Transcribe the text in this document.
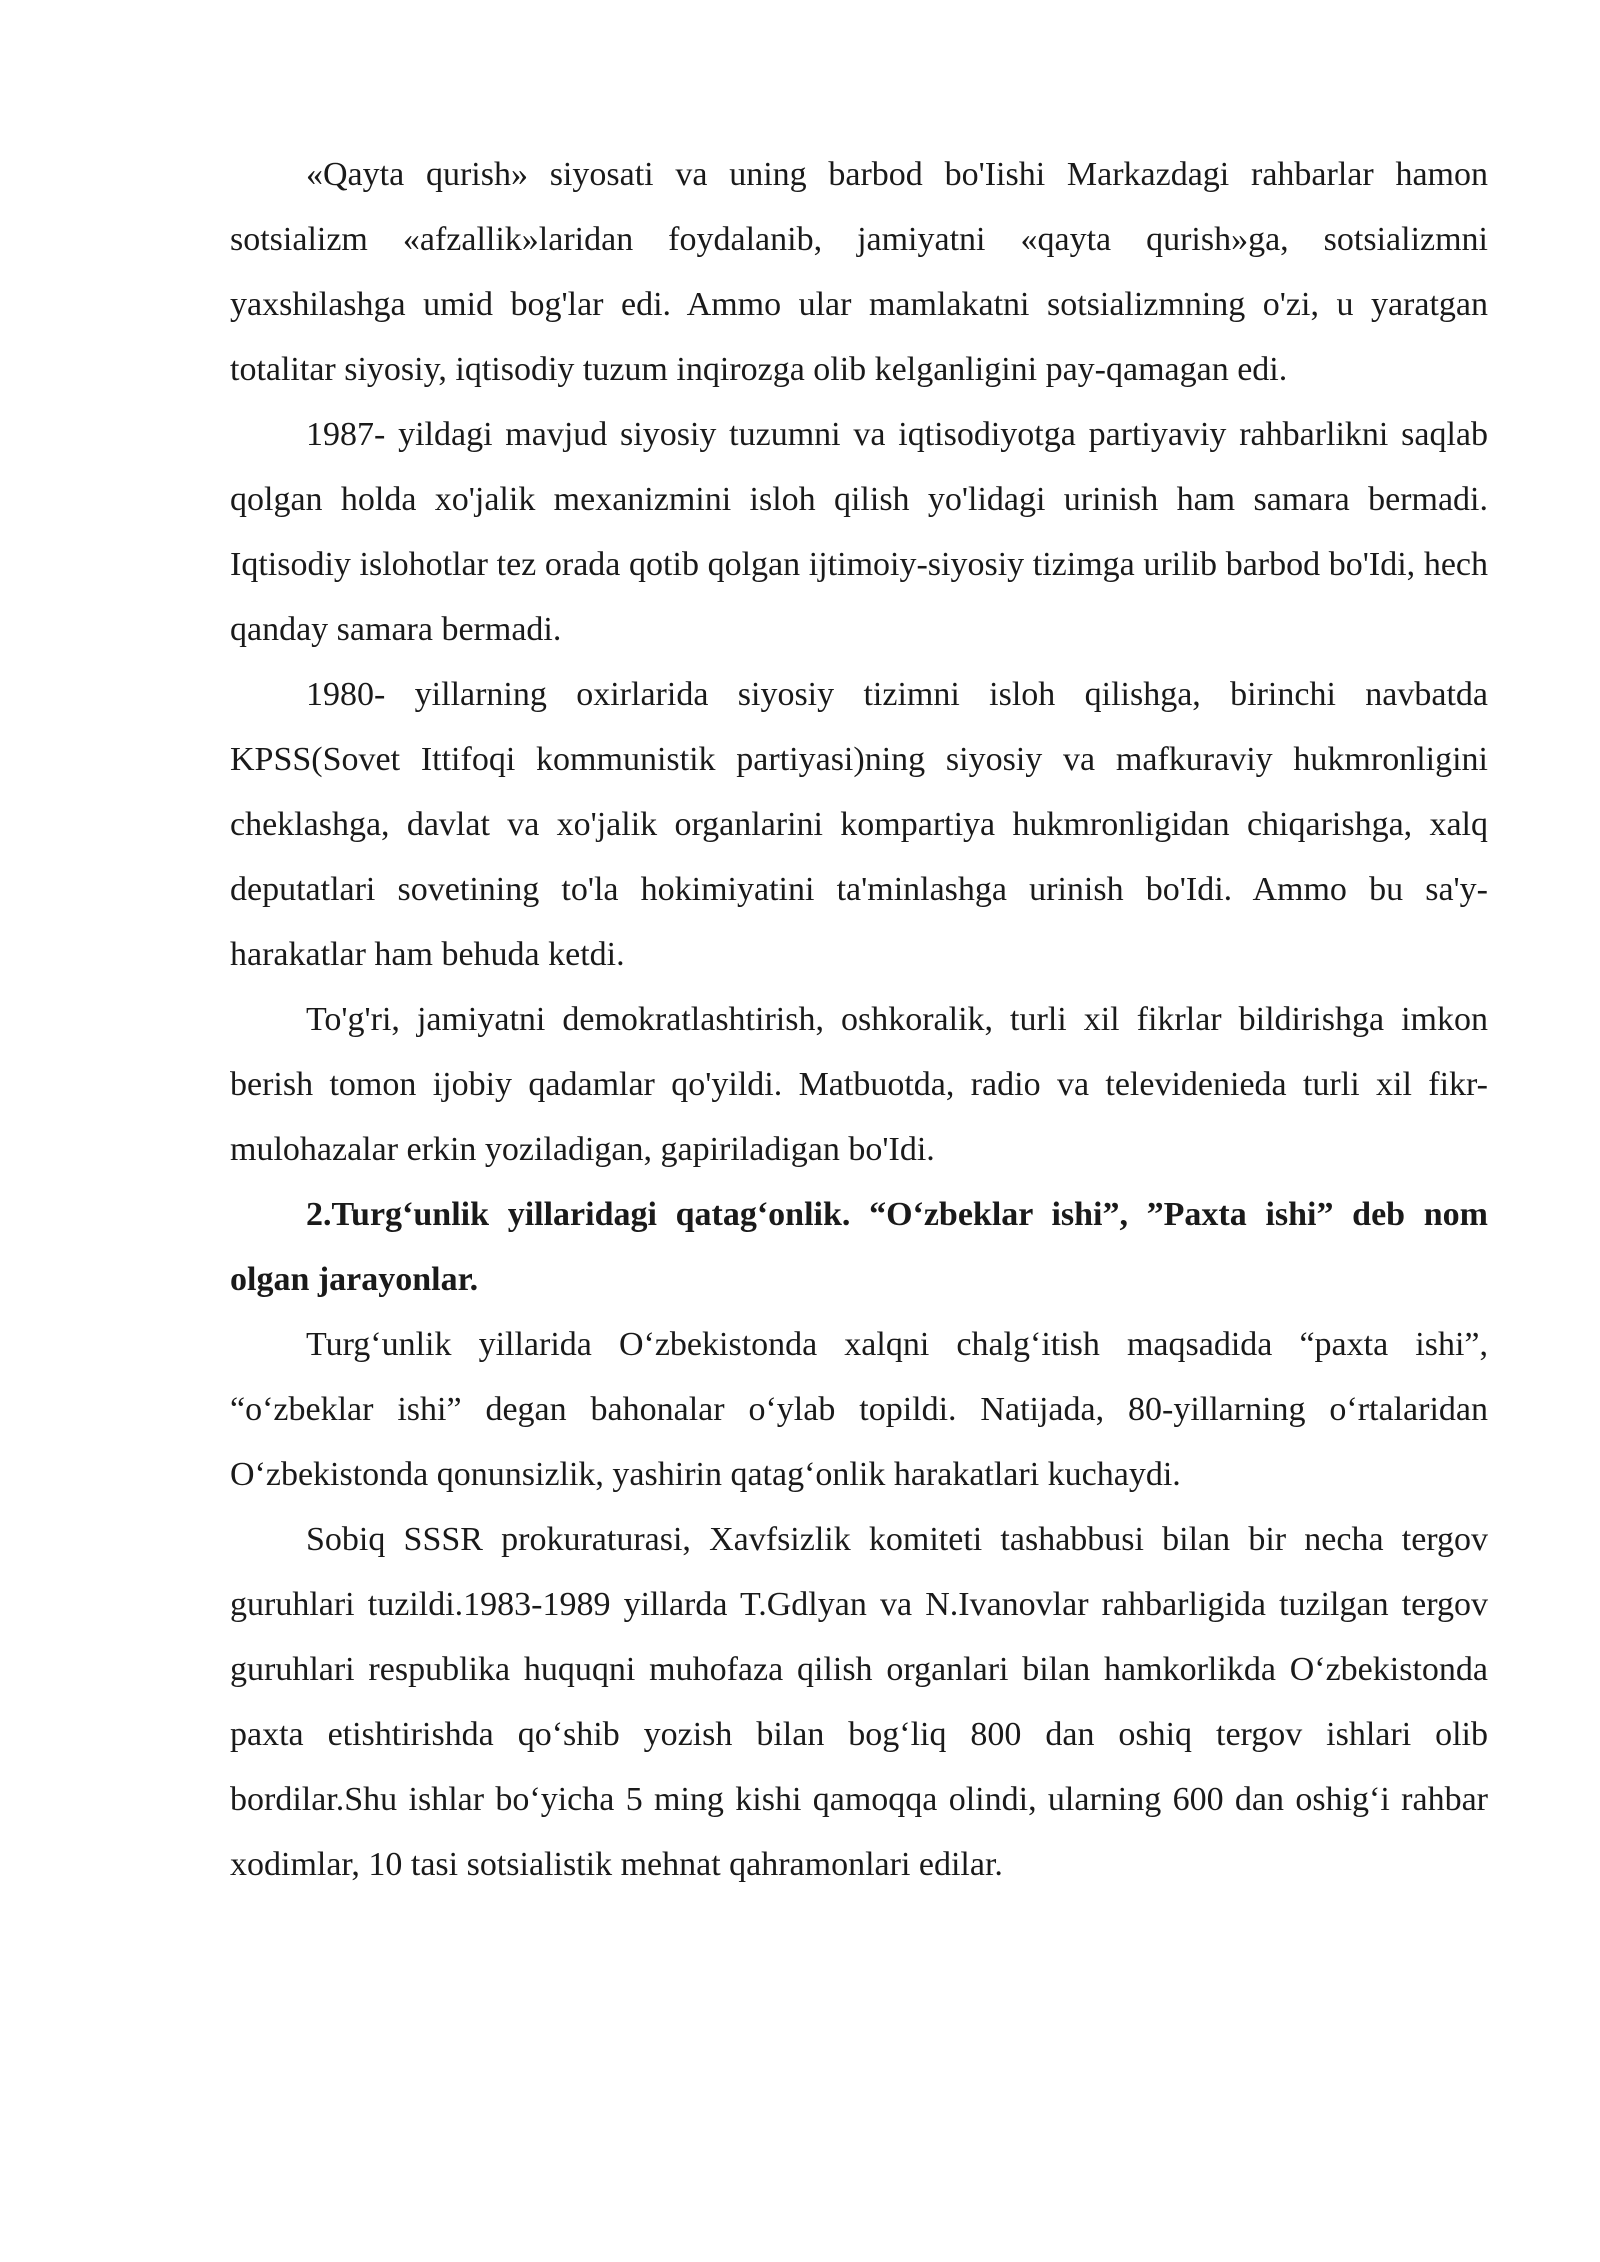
«Qayta qurish» siyosati va uning barbod bo'Iishi Markazdagi rahbarlar hamon sotsializm «afzallik»laridan foydalanib, jamiyatni «qayta qurish»ga, sotsializmni yaxshilashga umid bog'lar edi. Ammo ular mamlakatni sotsializmning o'zi, u yaratgan totalitar siyosiy, iqtisodiy tuzum inqirozga olib kelganligini pay-qamagan edi.

1987- yildagi mavjud siyosiy tuzumni va iqtisodiyotga partiyaviy rahbarlikni saqlab qolgan holda xo'jalik mexanizmini isloh qilish yo'lidagi urinish ham samara bermadi. Iqtisodiy islohotlar tez orada qotib qolgan ijtimoiy-siyosiy tizimga urilib barbod bo'Idi, hech qanday samara bermadi.

1980- yillarning oxirlarida siyosiy tizimni isloh qilishga, birinchi navbatda KPSS(Sovet Ittifoqi kommunistik partiyasi)ning siyosiy va mafkuraviy hukmronligini cheklashga, davlat va xo'jalik organlarini kompartiya hukmronligidan chiqarishga, xalq deputatlari sovetining to'la hokimiyatini ta'minlashga urinish bo'Idi. Ammo bu sa'y-harakatlar ham behuda ketdi.

To'g'ri, jamiyatni demokratlashtirish, oshkoralik, turli xil fikrlar bildirishga imkon berish tomon ijobiy qadamlar qo'yildi. Matbuotda, radio va televidenieda turli xil fikr-mulohazalar erkin yoziladigan, gapiriladigan bo'Idi.

2.Turg‘unlik yillaridagi qatag‘onlik. “O‘zbeklar ishi”, ”Paxta ishi” deb nom olgan jarayonlar.

Turg‘unlik yillarida O‘zbekistonda xalqni chalg‘itish maqsadida “paxta ishi”, “o‘zbeklar ishi” degan bahonalar o‘ylab topildi. Natijada, 80-yillarning o‘rtalaridan O‘zbekistonda qonunsizlik, yashirin qatag‘onlik harakatlari kuchaydi.

Sobiq SSSR prokuraturasi, Xavfsizlik komiteti tashabbusi bilan bir necha tergov guruhlari tuzildi.1983-1989 yillarda T.Gdlyan va N.Ivanovlar rahbarligida tuzilgan tergov guruhlari respublika huquqni muhofaza qilish organlari bilan hamkorlikda O‘zbekistonda paxta etishtirishda qo‘shib yozish bilan bog‘liq 800 dan oshiq tergov ishlari olib bordilar.Shu ishlar bo‘yicha 5 ming kishi qamoqqa olindi, ularning 600 dan oshig‘i rahbar xodimlar, 10 tasi sotsialistik mehnat qahramonlari edilar.
